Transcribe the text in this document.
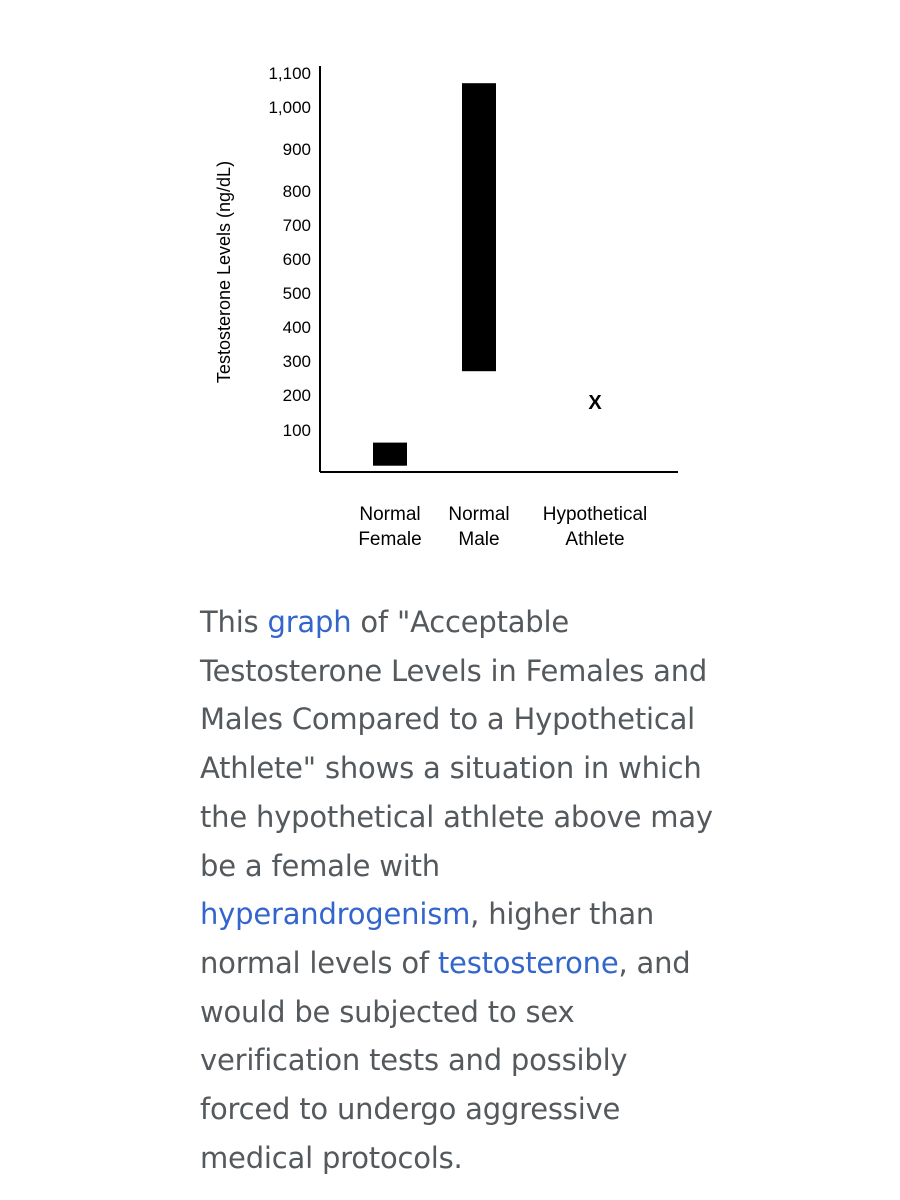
Testosterone Levels (ng/dL)
100
200
300
400
500
600
700
800
900
1,000
1,100
X
Normal
Female
Normal
Male
Hypothetical
Athlete

This graph of "Acceptable Testosterone Levels in Females and Males Compared to a Hypothetical Athlete" shows a situation in which the hypothetical athlete above may be a female with hyperandrogenism, higher than normal levels of testosterone, and would be subjected to sex verification tests and possibly forced to undergo aggressive medical protocols.
